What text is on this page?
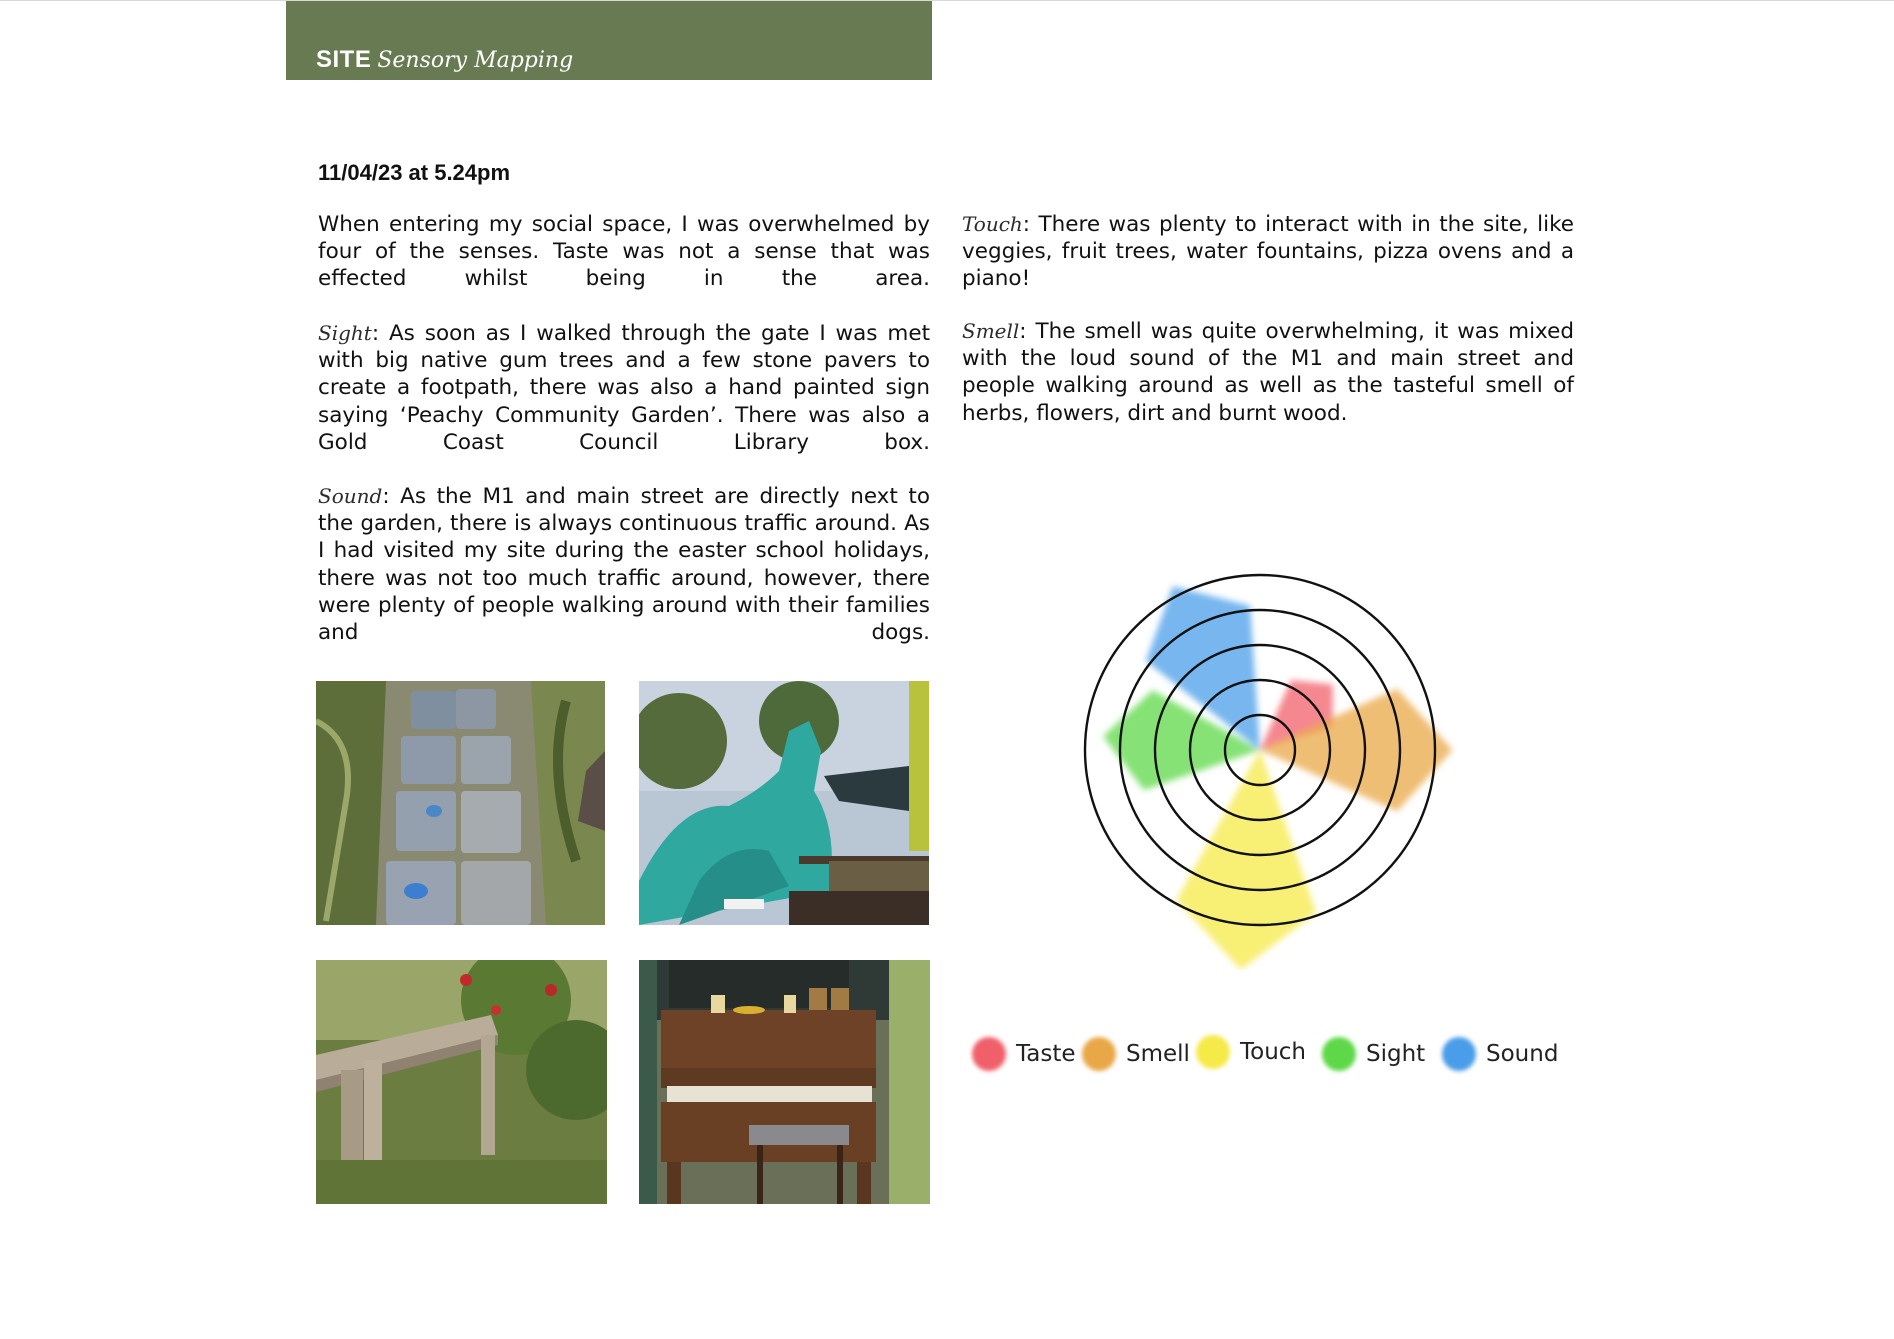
SITE Sensory Mapping
11/04/23 at 5.24pm

When entering my social space, I was overwhelmed by four of the senses. Taste was not a sense that was effected whilst being in the area.

Sight: As soon as I walked through the gate I was met with big native gum trees and a few stone pavers to create a footpath, there was also a hand painted sign saying ‘Peachy Community Garden’. There was also a Gold Coast Council Library box.

Sound: As the M1 and main street are directly next to the garden, there is always continuous traffic around. As I had visited my site during the easter school holidays, there was not too much traffic around, however, there were plenty of people walking around with their families and dogs.

Touch: There was plenty to interact with in the site, like veggies, fruit trees, water fountains, pizza ovens and a piano!

Smell: The smell was quite overwhelming, it was mixed with the loud sound of the M1 and main street and people walking around as well as the tasteful smell of herbs, flowers, dirt and burnt wood.

Taste Smell Touch	Sight	Sound
